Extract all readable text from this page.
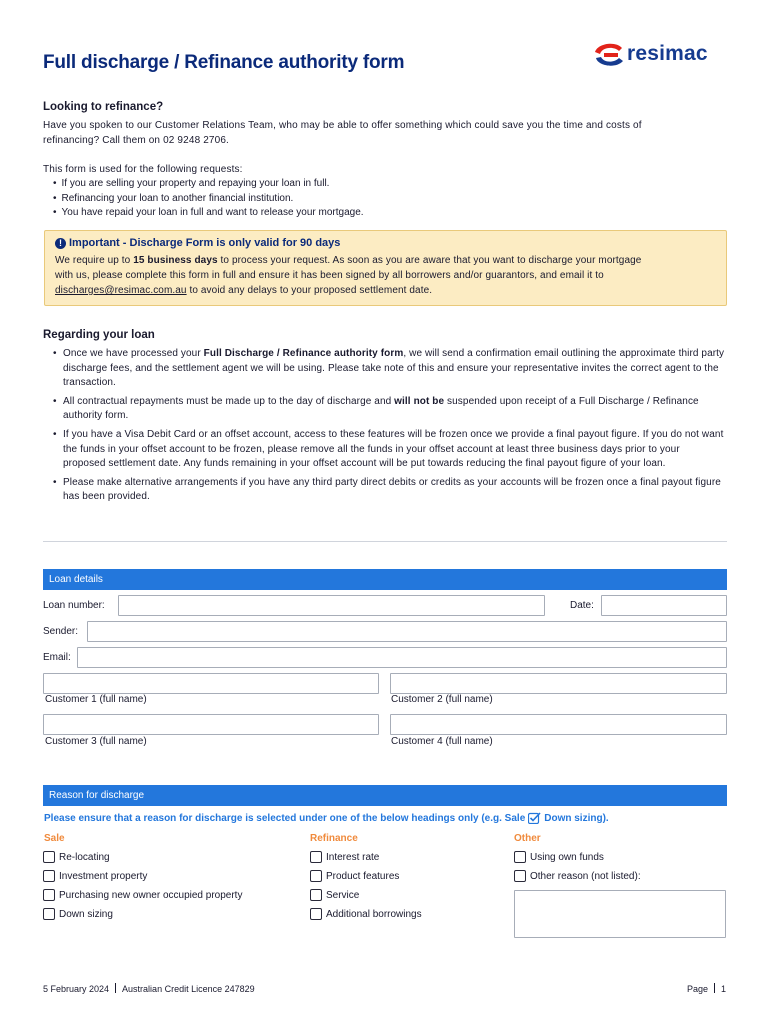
Full discharge / Refinance authority form	resimac
Looking to refinance?
Have you spoken to our Customer Relations Team, who may be able to offer something which could save you the time and costs of
refinancing? Call them on 02 9248 2706.
This form is used for the following requests:
• If you are selling your property and repaying your loan in full.
• Refinancing your loan to another financial institution.
• You have repaid your loan in full and want to release your mortgage.
! Important - Discharge Form is only valid for 90 days
We require up to 15 business days to process your request. As soon as you are aware that you want to discharge your mortgage
with us, please complete this form in full and ensure it has been signed by all borrowers and/or guarantors, and email it to
discharges@resimac.com.au to avoid any delays to your proposed settlement date.
Regarding your loan
• Once we have processed your Full Discharge / Refinance authority form, we will send a confirmation email outlining the approximate third party discharge fees, and the settlement agent we will be using. Please take note of this and ensure your representative invites the correct agent to the transaction.
• All contractual repayments must be made up to the day of discharge and will not be suspended upon receipt of a Full Discharge / Refinance authority form.
• If you have a Visa Debit Card or an offset account, access to these features will be frozen once we provide a final payout figure. If you do not want the funds in your offset account to be frozen, please remove all the funds in your offset account at least three business days prior to your proposed settlement date. Any funds remaining in your offset account will be put towards reducing the final payout figure of your loan.
• Please make alternative arrangements if you have any third party direct debits or credits as your accounts will be frozen once a final payout figure has been provided.
Loan details
Loan number:	Date:
Sender:
Email:
Customer 1 (full name)	Customer 2 (full name)
Customer 3 (full name)	Customer 4 (full name)
Reason for discharge
Please ensure that a reason for discharge is selected under one of the below headings only (e.g. Sale Down sizing).
Sale	Refinance	Other
Re-locating
Investment property
Purchasing new owner occupied property
Down sizing
Interest rate
Product features
Service
Additional borrowings
Using own funds
Other reason (not listed):
5 February 2024 Australian Credit Licence 247829	Page 1
